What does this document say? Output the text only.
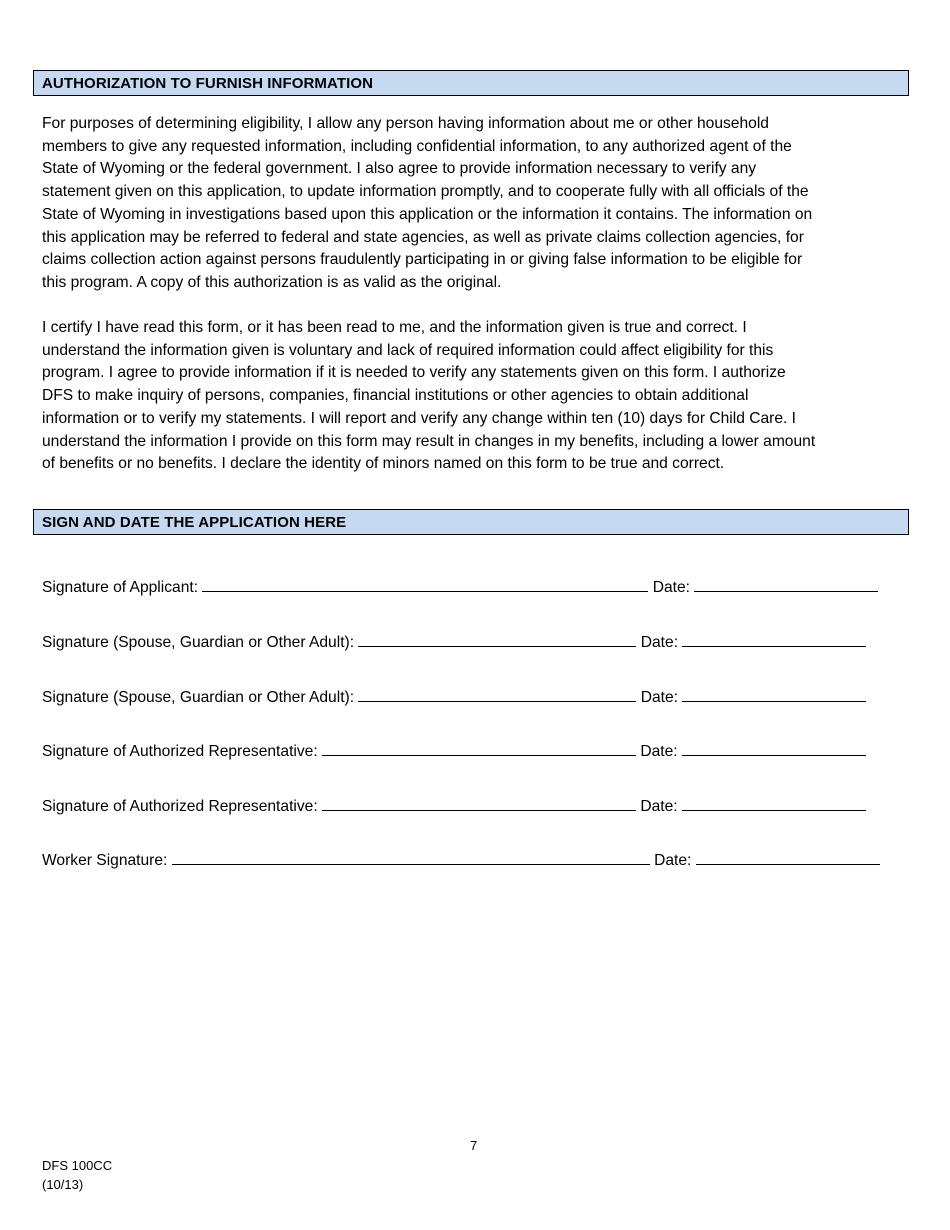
AUTHORIZATION TO FURNISH INFORMATION

For purposes of determining eligibility, I allow any person having information about me or other household
members to give any requested information, including confidential information, to any authorized agent of the
State of Wyoming or the federal government. I also agree to provide information necessary to verify any
statement given on this application, to update information promptly, and to cooperate fully with all officials of the
State of Wyoming in investigations based upon this application or the information it contains. The information on
this application may be referred to federal and state agencies, as well as private claims collection agencies, for
claims collection action against persons fraudulently participating in or giving false information to be eligible for
this program. A copy of this authorization is as valid as the original.

I certify I have read this form, or it has been read to me, and the information given is true and correct. I
understand the information given is voluntary and lack of required information could affect eligibility for this
program. I agree to provide information if it is needed to verify any statements given on this form. I authorize
DFS to make inquiry of persons, companies, financial institutions or other agencies to obtain additional
information or to verify my statements. I will report and verify any change within ten (10) days for Child Care. I
understand the information I provide on this form may result in changes in my benefits, including a lower amount
of benefits or no benefits. I declare the identity of minors named on this form to be true and correct.

SIGN AND DATE THE APPLICATION HERE
Signature of Applicant:	Date:
Signature (Spouse, Guardian or Other Adult):	Date:
Signature (Spouse, Guardian or Other Adult):	Date:
Signature of Authorized Representative:	Date:
Signature of Authorized Representative:	Date:
Worker Signature:	Date:
7
DFS 100CC
(10/13)
